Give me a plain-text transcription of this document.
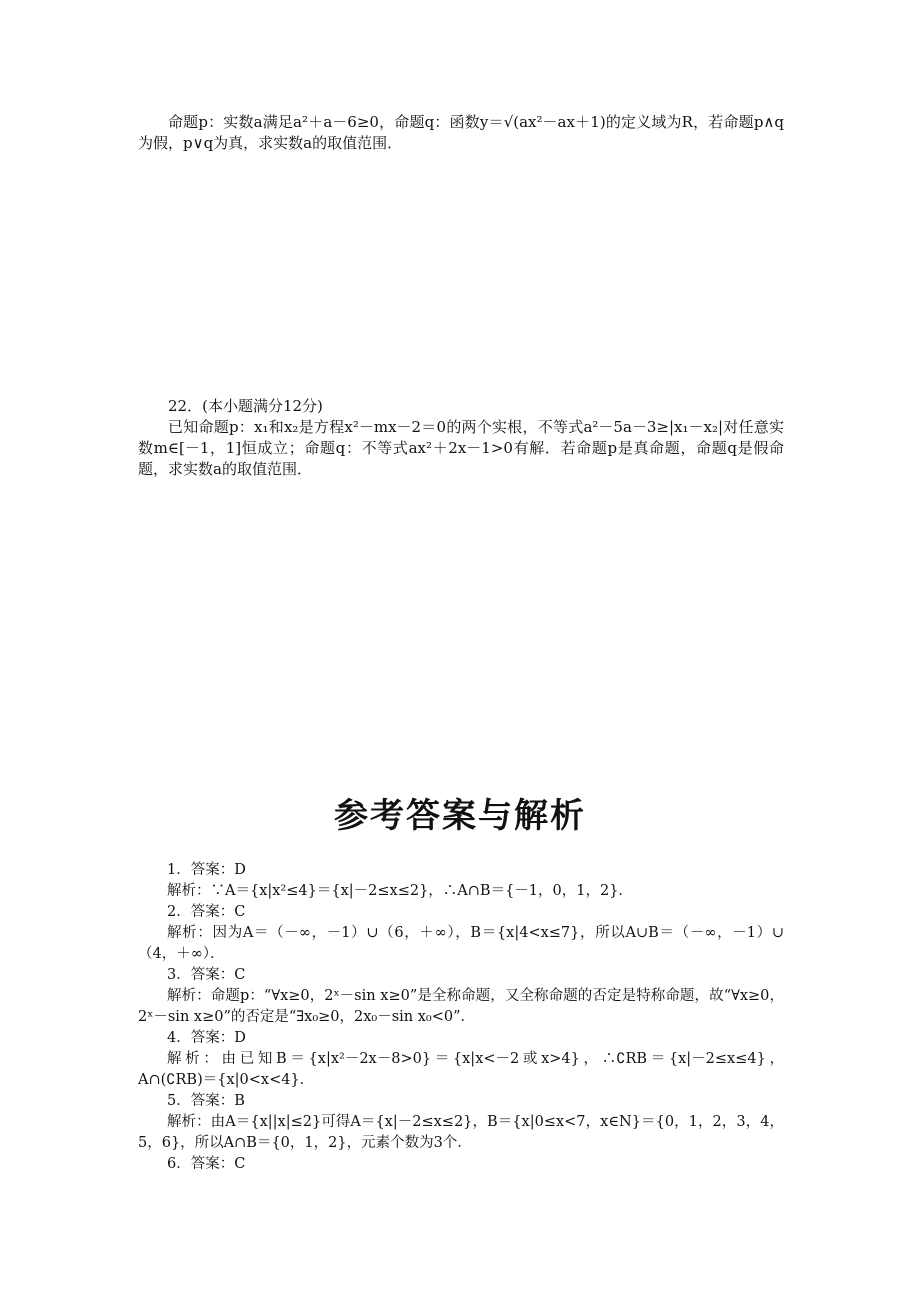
命题p：实数a满足a²＋a－6≥0，命题q：函数y＝√(ax²－ax＋1)的定义域为R，若命题p∧q为假，p∨q为真，求实数a的取值范围．

22．(本小题满分12分)

已知命题p：x₁和x₂是方程x²－mx－2＝0的两个实根，不等式a²－5a－3≥|x₁－x₂|对任意实数m∈[－1，1]恒成立；命题q：不等式ax²＋2x－1>0有解．若命题p是真命题，命题q是假命题，求实数a的取值范围．

参考答案与解析

1．答案：D

解析：∵A＝{x|x²≤4}＝{x|－2≤x≤2}，∴A∩B＝{－1，0，1，2}．

2．答案：C

解析：因为A＝（－∞，－1）∪（6，＋∞），B＝{x|4<x≤7}，所以A∪B＝（－∞，－1）∪（4，＋∞）．

3．答案：C

解析：命题p：“∀x≥0，2ˣ－sin x≥0”是全称命题，又全称命题的否定是特称命题，故“∀x≥0，2ˣ－sin x≥0”的否定是“∃x₀≥0，2x₀－sin x₀<0”．

4．答案：D

解析：由已知B＝{x|x²－2x－8>0}＝{x|x<－2或x>4}，∴∁RB＝{x|－2≤x≤4}，A∩(∁RB)＝{x|0<x<4}．

5．答案：B

解析：由A＝{x||x|≤2}可得A＝{x|－2≤x≤2}，B＝{x|0≤x<7，x∈N}＝{0，1，2，3，4，5，6}，所以A∩B＝{0，1，2}，元素个数为3个．

6．答案：C
